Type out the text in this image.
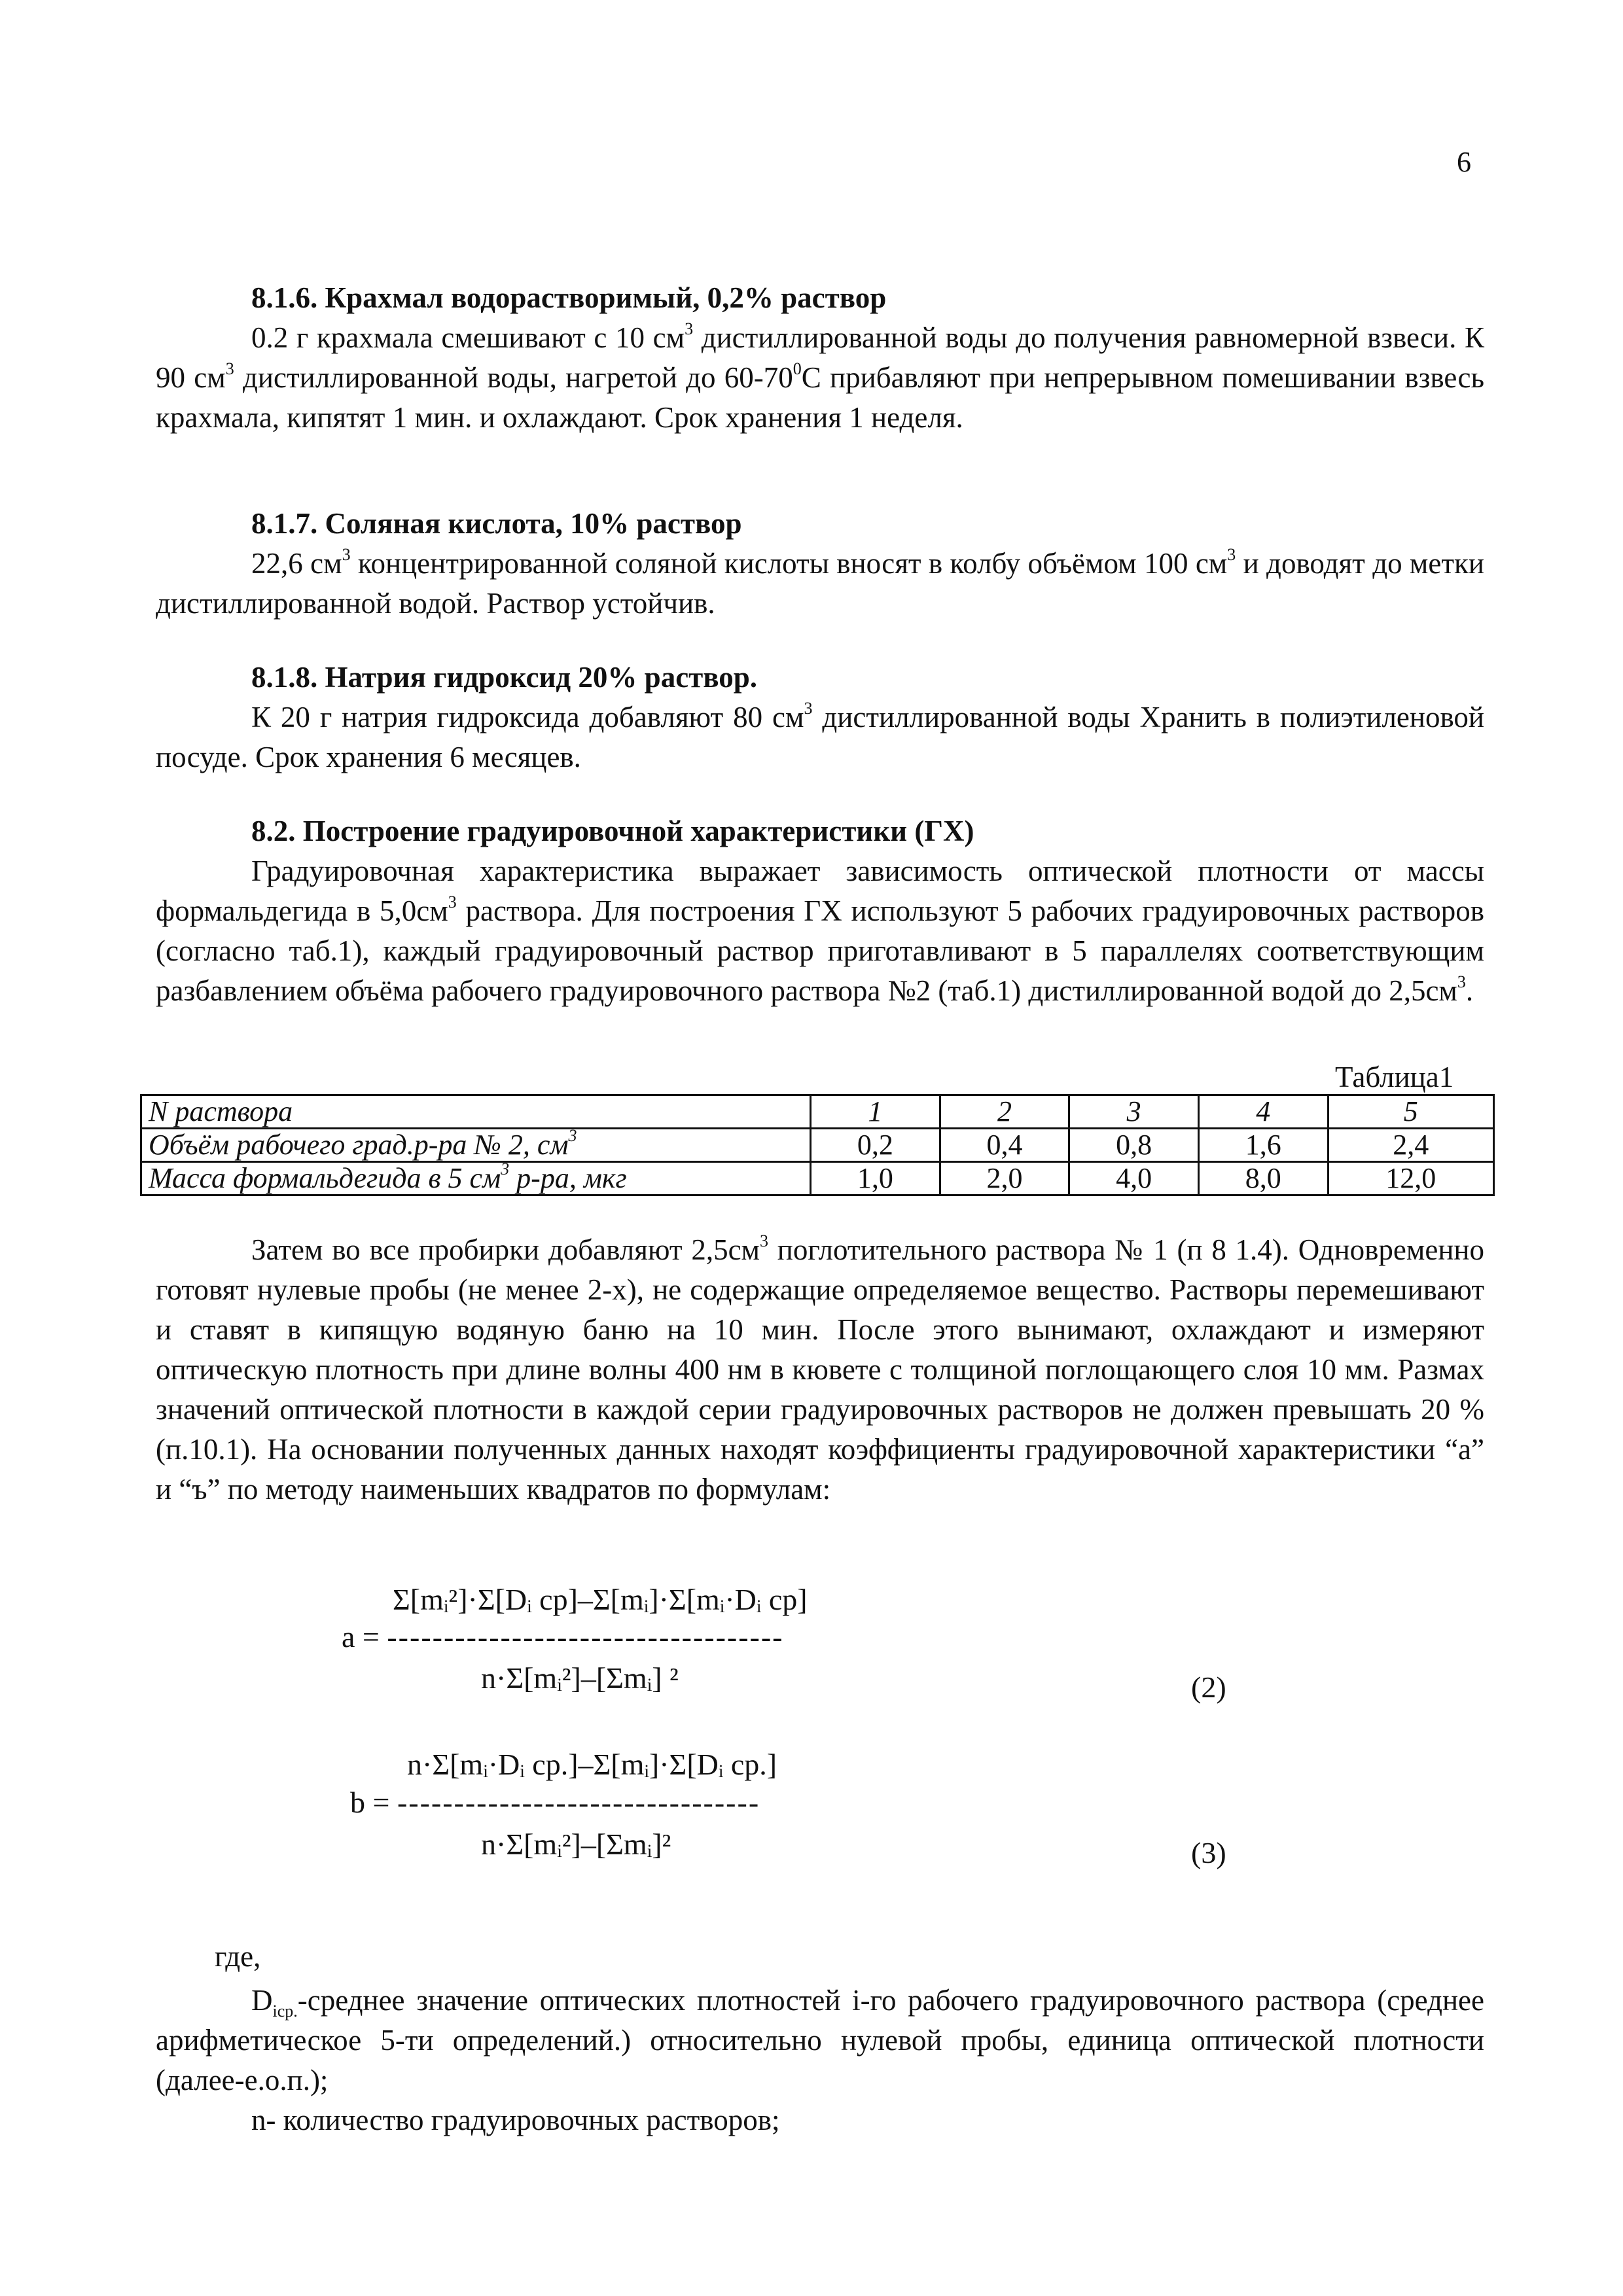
6
8.1.6. Крахмал водорастворимый, 0,2% раствор

0.2 г крахмала смешивают с 10 $см^3$ дистиллированной воды до получения равномерной взвеси. К 90 $см^3$ дистиллированной воды, нагретой до $60-70^0С$ прибавляют при непрерывном помешивании взвесь крахмала, кипятят 1 мин. и охлаждают. Срок хранения 1 неделя.

8.1.7. Соляная кислота, 10% раствор

22,6 $см^3$ концентрированной соляной кислоты вносят в колбу объёмом 100 $см^3$ и доводят до метки дистиллированной водой. Раствор устойчив.

8.1.8. Натрия гидроксид 20% раствор.

К 20 г натрия гидроксида добавляют 80 $см^3$ дистиллированной воды Хранить в полиэтиленовой посуде. Срок хранения 6 месяцев.

8.2. Построение градуировочной характеристики (ГХ)

Градуировочная характеристика выражает зависимость оптической плотности от массы формальдегида в $5,0см^3$ раствора. Для построения ГХ используют 5 рабочих градуировочных растворов (согласно таб.1), каждый градуировочный раствор приготавливают в 5 параллелях соответствующим разбавлением объёма рабочего градуировочного раствора №2 (таб.1) дистиллированной водой до $2,5см^3$.

Таблица1
N раствора	1	2	3	4	5
Объём рабочего град.р-ра № 2, $см^3$	0,2	0,4	0,8	1,6	2,4
Масса формальдегида в 5 $см^3$ р-ра, мкг	1,0	2,0	4,0	8,0	12,0

Затем во все пробирки добавляют $2,5см^3$ поглотительного раствора № 1 (п 8 1.4). Одновременно готовят нулевые пробы (не менее 2-х), не содержащие определяемое вещество. Растворы перемешивают и ставят в кипящую водяную баню на 10 мин. После этого вынимают, охлаждают и измеряют оптическую плотность при длине волны 400 нм в кювете с толщиной поглощающего слоя 10 мм. Размах значений оптической плотности в каждой серии градуировочных растворов не должен превышать 20 % (п.10.1). На основании полученных данных находят коэффициенты градуировочной характеристики “а” и “ъ” по методу наименьших квадратов по формулам:

Σ[mᵢ²]·Σ[Dᵢ ср]–Σ[mᵢ]·Σ[mᵢ·Dᵢ ср]
a = -----------------------------------
n·Σ[mᵢ²]–[Σmᵢ] ²	(2)
n·Σ[mᵢ·Dᵢ ср.]–Σ[mᵢ]·Σ[Dᵢ ср.]
b = --------------------------------
n·Σ[mᵢ²]–[Σmᵢ]²	(3)
где,

$D_{iср.}$-среднее значение оптических плотностей i-го рабочего градуировочного раствора (среднее арифметическое 5-ти определений.) относительно нулевой пробы, единица оптической плотности (далее-е.о.п.);

n- количество градуировочных растворов;
